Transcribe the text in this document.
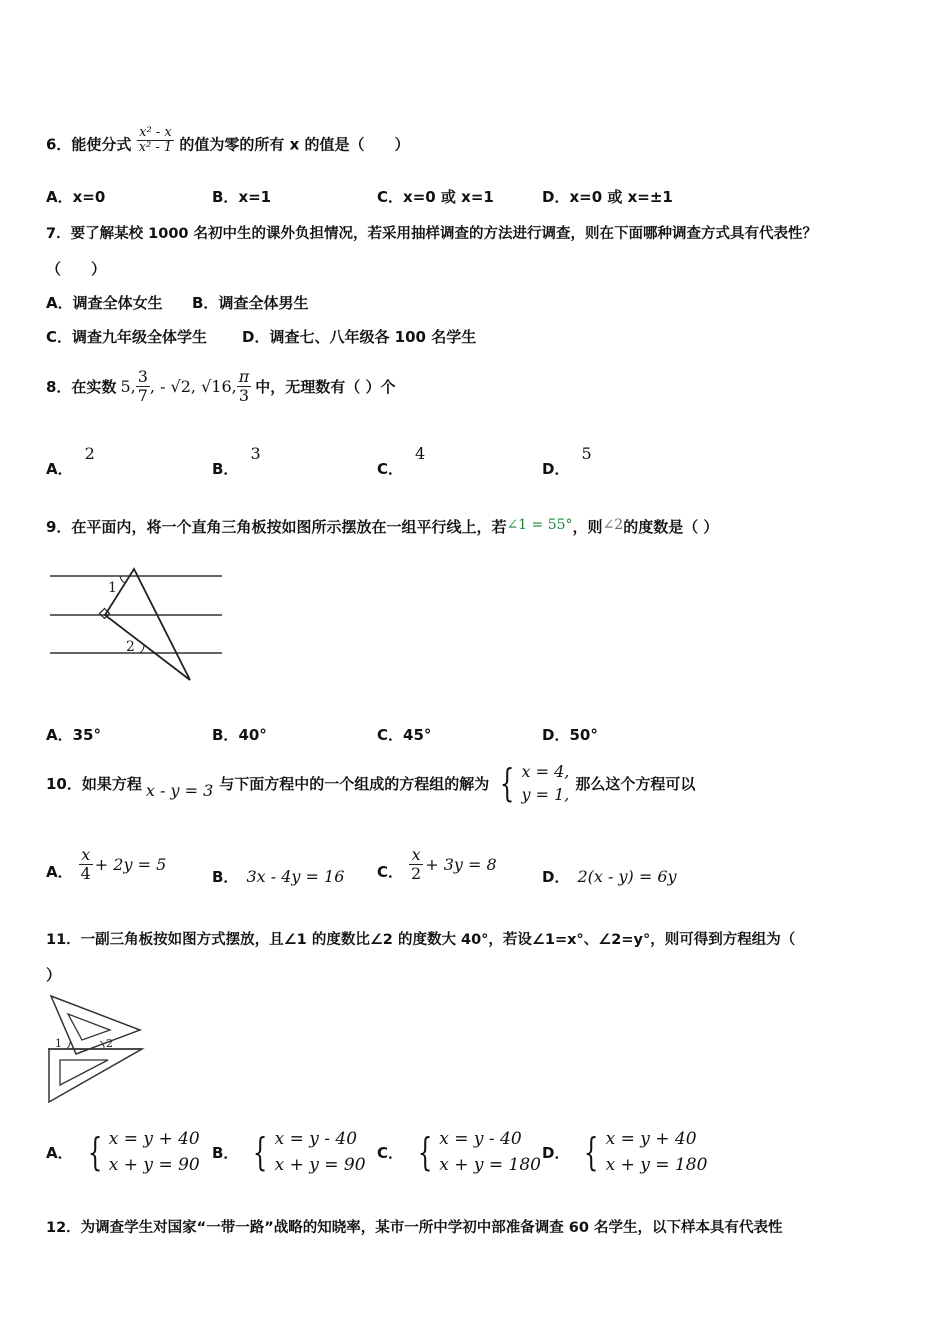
6．能使分式 $\frac{\text{x² - x}}{\text{x² - 1}}$ 的值为零的所有 x 的值是（　　）
A．x=0	B．x=1	C．x=0 或 x=1	D．x=0 或 x=±1
7．要了解某校 1000 名初中生的课外负担情况，若采用抽样调查的方法进行调查，则在下面哪种调查方式具有代表性？
（　　）
A．调查全体女生 B．调查全体男生
C．调查九年级全体学生 D．调查七、八年级各 100 名学生
8．在实数 5, $\frac{3}{7}$ , - √2, √16, $\frac{\pi}{3}$ 中，无理数有（ ）个
A．2
B．3
C．4
D．5
9．在平面内，将一个直角三角板按如图所示摆放在一组平行线上，若∠1 = 55°，则∠2的度数是（ ）
1
2
A．35°	B．40°	C．45°	D．50°
10．如果方程 x - y = 3 与下面方程中的一个组成的方程组的解为 { x = 4,
y = 1,
那么这个方程可以
A． $\frac{x}{4} + 2y = 5$
B． 3x - 4y = 16 C． $\frac{x}{2} + 3y = 8$
D． 2(x - y) = 6y
11．一副三角板按如图方式摆放，且∠1 的度数比∠2 的度数大 40°，若设∠1=x°、∠2=y°，则可得到方程组为（
）
1	2
A． { x = y + 40
x + y = 90
B． { x = y - 40
x + y = 90
C． { x = y - 40
x + y = 180
D． { x = y + 40
x + y = 180
12．为调查学生对国家“一带一路”战略的知晓率，某市一所中学初中部准备调查 60 名学生，以下样本具有代表性
